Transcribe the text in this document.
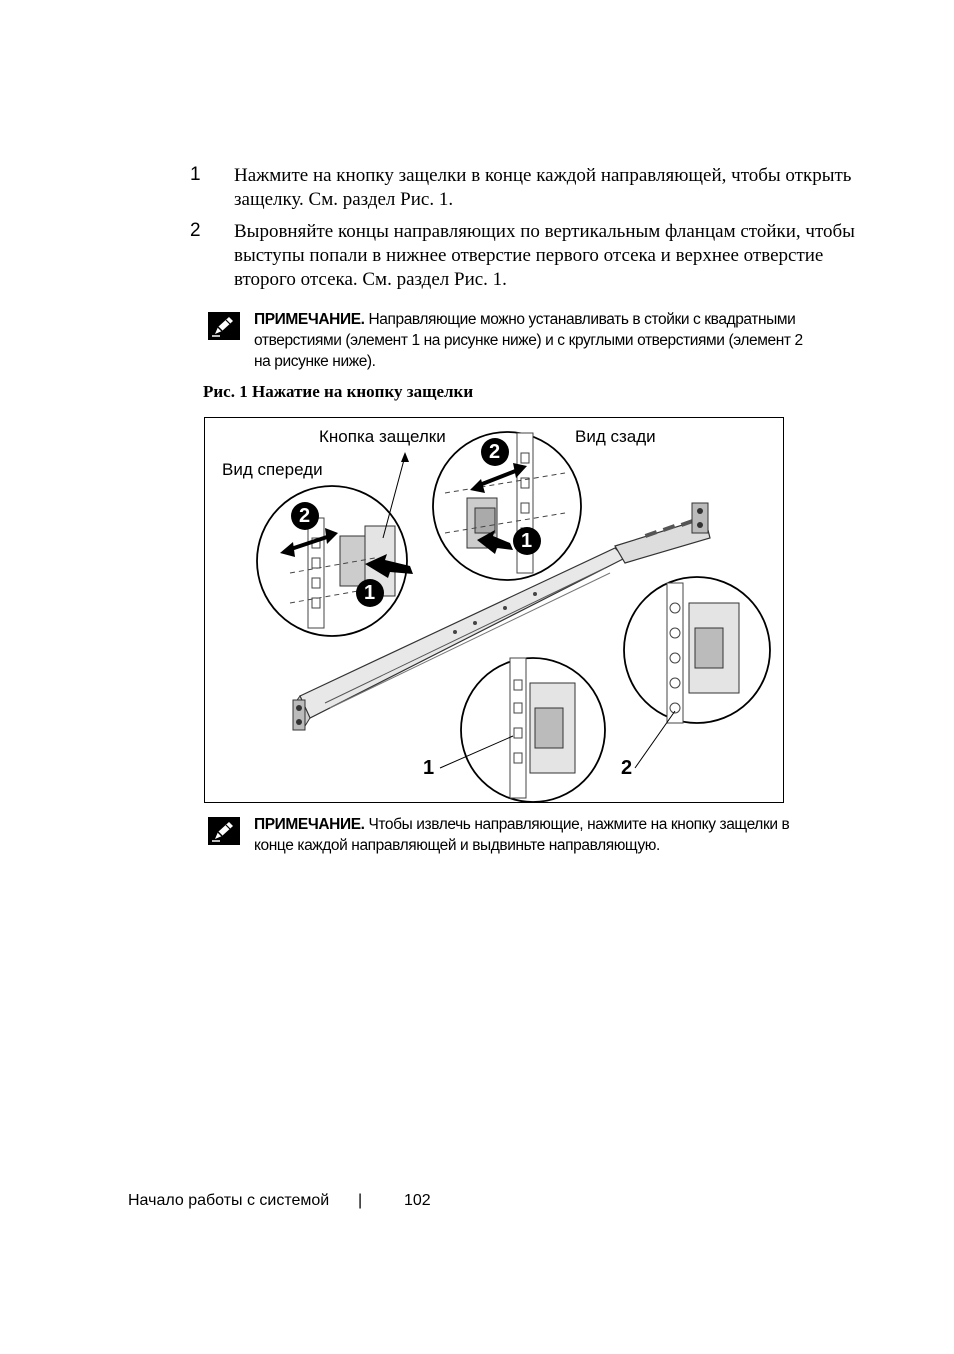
1 Нажмите на кнопку защелки в конце каждой направляющей, чтобы открыть защелку. См. раздел Рис. 1.
2 Выровняйте концы направляющих по вертикальным фланцам стойки, чтобы выступы попали в нижнее отверстие первого отсека и верхнее отверстие второго отсека. См. раздел Рис. 1.
ПРИМЕЧАНИЕ. Направляющие можно устанавливать в стойки с квадратными отверстиями (элемент 1 на рисунке ниже) и с круглыми отверстиями (элемент 2 на рисунке ниже).
Рис. 1 Нажатие на кнопку защелки
2
1
2
1
Кнопка защелки	Вид сзади
Вид спереди
1	2
ПРИМЕЧАНИЕ. Чтобы извлечь направляющие, нажмите на кнопку защелки в конце каждой направляющей и выдвиньте направляющую.
Начало работы с системой |	102
